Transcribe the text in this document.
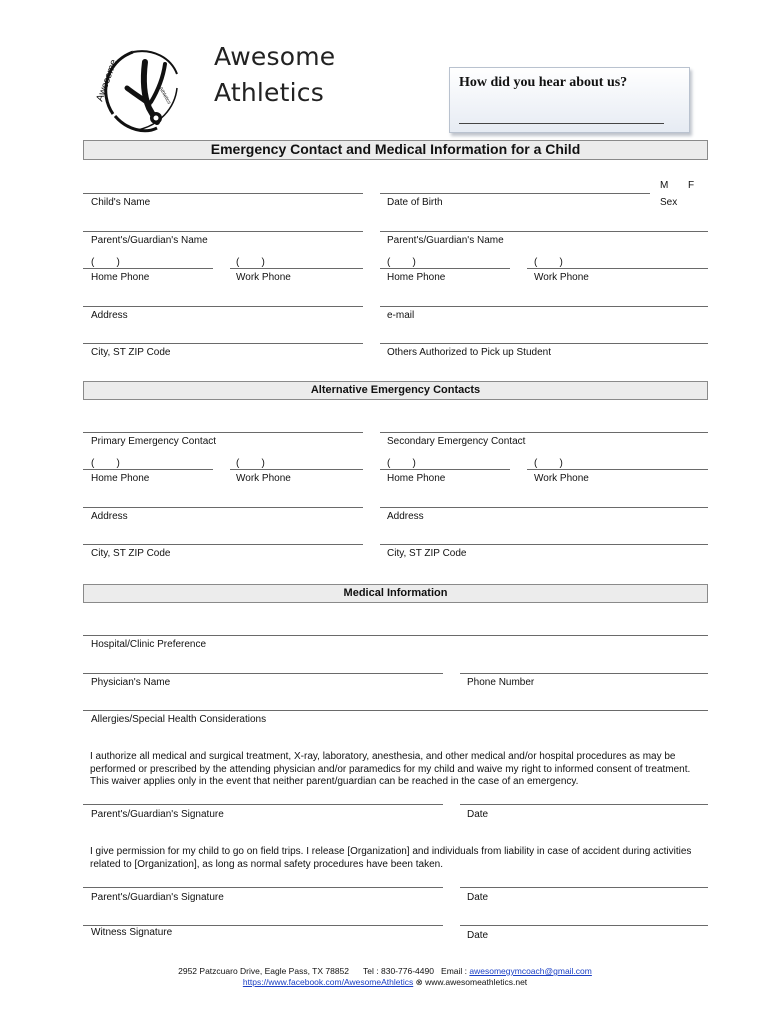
Awesome	Athletics
Awesome
Athletics	How did you hear about us?
Emergency Contact and Medical Information for a Child
M F
Child's Name	Date of Birth	Sex
Parent's/Guardian's Name	Parent's/Guardian's Name
(        )	(        )	(        )	(        )
Home Phone	Work Phone	Home Phone	Work Phone
Address	e-mail
City, ST ZIP Code	Others Authorized to Pick up Student
Alternative Emergency Contacts
Primary Emergency Contact	Secondary Emergency Contact
(        )	(        )	(        )	(        )
Home Phone	Work Phone	Home Phone	Work Phone
Address	Address
City, ST ZIP Code	City, ST ZIP Code
Medical Information
Hospital/Clinic Preference
Physician's Name	Phone Number
Allergies/Special Health Considerations
I authorize all medical and surgical treatment, X-ray, laboratory, anesthesia, and other medical and/or hospital procedures as may be performed or prescribed by the attending physician and/or paramedics for my child and waive my right to informed consent of treatment. This waiver applies only in the event that neither parent/guardian can be reached in the case of an emergency.
Parent's/Guardian's Signature	Date
I give permission for my child to go on field trips. I release [Organization] and individuals from liability in case of accident during activities related to [Organization], as long as normal safety procedures have been taken.
Parent's/Guardian's Signature	Date
Witness Signature	Date
2952 Patzcuaro Drive, Eagle Pass, TX 78852 Tel : 830-776-4490 Email : awesomegymcoach@gmail.com
https://www.facebook.com/AwesomeAthletics ⊗ www.awesomeathletics.net
